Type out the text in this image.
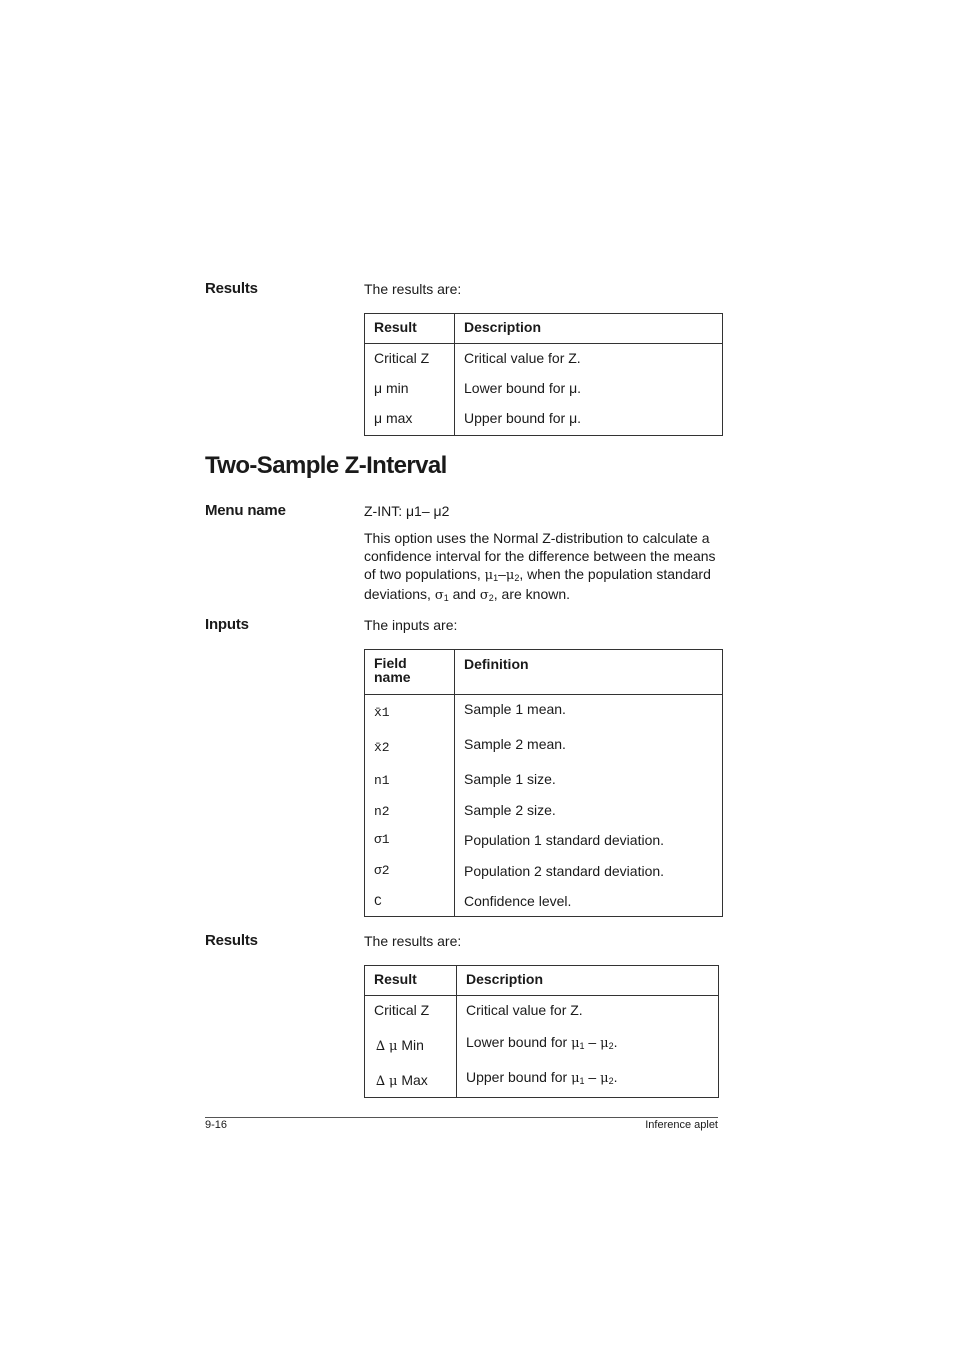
Results	The results are:
Result	Description
Critical Z	Critical value for Z.
μ min	Lower bound for μ.
μ max	Upper bound for μ.
Two-Sample Z-Interval
Menu name	Z-INT: μ1– μ2
This option uses the Normal Z-distribution to calculate a
confidence interval for the difference between the means
of two populations, $\mu_1-\mu_2$, when the population standard
deviations, $\sigma_1$ and $\sigma_2$, are known.
Inputs	The inputs are:
Field
name	Definition
x̄1	Sample 1 mean.
x̄2	Sample 2 mean.
n1	Sample 1 size.
n2	Sample 2 size.
σ1	Population 1 standard deviation.
σ2	Population 2 standard deviation.
C	Confidence level.
Results	The results are:
Result	Description
Critical Z	Critical value for Z.
∆ μ Min	Lower bound for $\mu_1 - \mu_2$.
∆ μ Max	Upper bound for $\mu_1 - \mu_2$.
9-16	Inference aplet
